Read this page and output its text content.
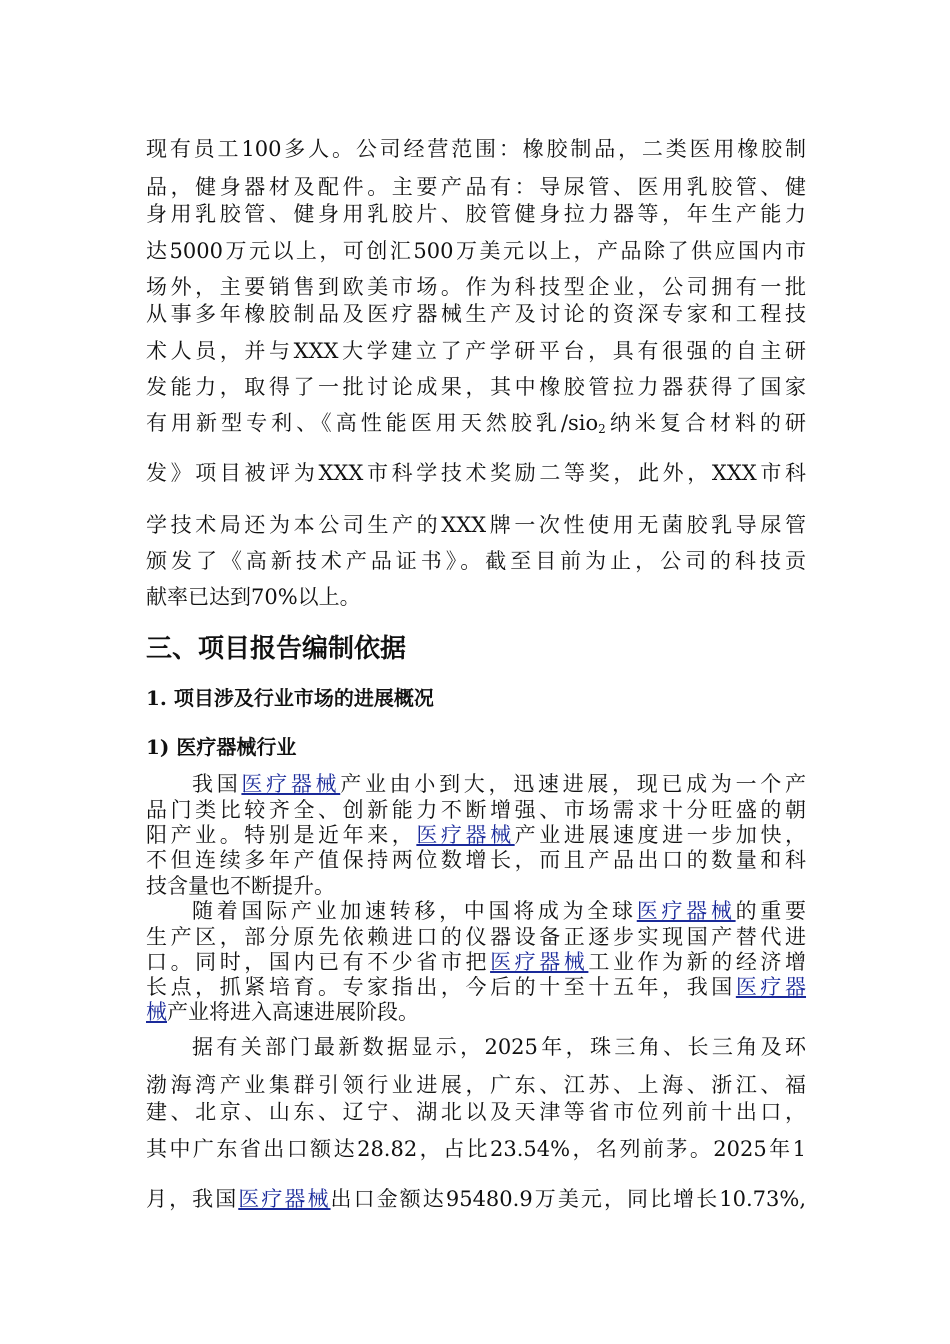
现有员工100多人。公司经营范围：橡胶制品，二类医用橡胶制
品，健身器材及配件。主要产品有：导尿管、医用乳胶管、健
身用乳胶管、健身用乳胶片、胶管健身拉力器等，年生产能力
达5000万元以上，可创汇500万美元以上，产品除了供应国内市
场外，主要销售到欧美市场。作为科技型企业，公司拥有一批
从事多年橡胶制品及医疗器械生产及讨论的资深专家和工程技
术人员，并与XXX大学建立了产学研平台，具有很强的自主研
发能力，取得了一批讨论成果，其中橡胶管拉力器获得了国家
有用新型专利、《高性能医用天然胶乳/sio$_2$纳米复合材料的研
发》项目被评为XXX市科学技术奖励二等奖，此外，XXX市科
学技术局还为本公司生产的XXX牌一次性使用无菌胶乳导尿管
颁发了《高新技术产品证书》。截至目前为止，公司的科技贡
献率已达到70%以上。
三、项目报告编制依据
1. 项目涉及行业市场的进展概况
1) 医疗器械行业
我国医疗器械产业由小到大，迅速进展，现已成为一个产
品门类比较齐全、创新能力不断增强、市场需求十分旺盛的朝
阳产业。特别是近年来，医疗器械产业进展速度进一步加快，
不但连续多年产值保持两位数增长，而且产品出口的数量和科
技含量也不断提升。
随着国际产业加速转移，中国将成为全球医疗器械的重要
生产区，部分原先依赖进口的仪器设备正逐步实现国产替代进
口。同时，国内已有不少省市把医疗器械工业作为新的经济增
长点，抓紧培育。专家指出，今后的十至十五年，我国医疗器
械产业将进入高速进展阶段。
据有关部门最新数据显示，2025年，珠三角、长三角及环
渤海湾产业集群引领行业进展，广东、江苏、上海、浙江、福
建、北京、山东、辽宁、湖北以及天津等省市位列前十出口，
其中广东省出口额达28.82，占比23.54%，名列前茅。2025年1
月，我国医疗器械出口金额达95480.9万美元，同比增长10.73%,
